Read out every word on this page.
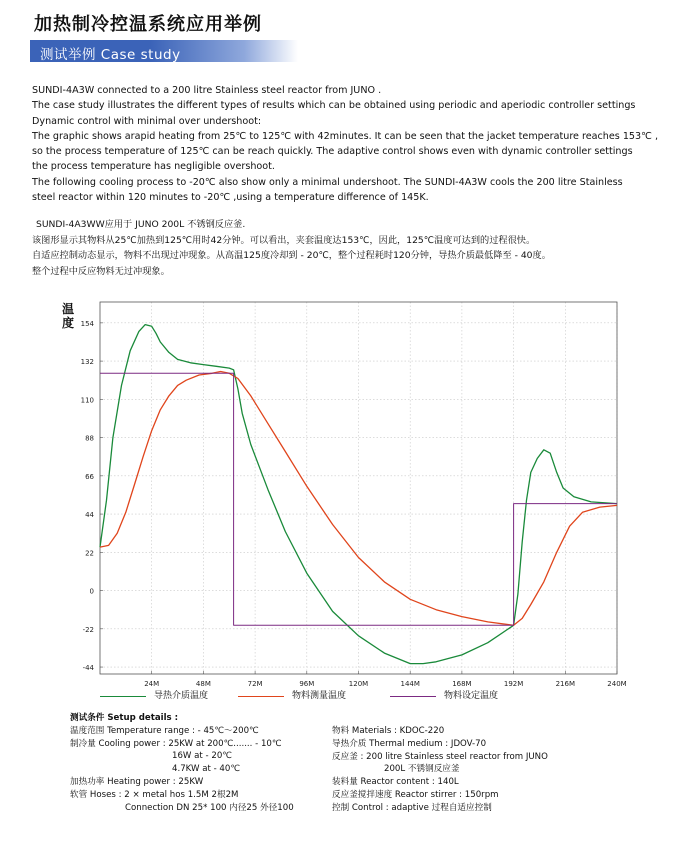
加热制冷控温系统应用举例
测试举例 Case study
SUNDI-4A3W connected to a 200 litre Stainless steel reactor from JUNO .
The case study illustrates the different types of results which can be obtained using periodic and aperiodic controller settings
Dynamic control with minimal over undershoot:
The graphic shows arapid heating from 25℃ to 125℃ with 42minutes. It can be seen that the jacket temperature reaches 153℃ ,
so the process temperature of 125℃ can be reach quickly. The adaptive control shows even with dynamic controller settings
the process temperature has negligible overshoot.
The following cooling process to -20℃ also show only a minimal undershoot. The SUNDI-4A3W cools the 200 litre Stainless
steel reactor within 120 minutes to -20℃ ,using a temperature difference of 145K.
SUNDI-4A3WW应用于 JUNO 200L 不锈钢反应釜.
该图形显示其物料从25℃加热到125℃用时42分钟。可以看出，夹套温度达153℃，因此，125℃温度可达到的过程很快。
自适应控制动态显示，物料不出现过冲现象。从高温125度冷却到 - 20℃，整个过程耗时120分钟，导热介质最低降至 - 40度。
整个过程中反应物料无过冲现象。
154
132
110
88
66
44
22
0
-22
-44
24M	48M	72M	96M	120M	144M	168M	192M	216M	240M
温
度
导热介质温度	物料测量温度	物料设定温度
测试条件 Setup details :
温度范围 Temperature range : - 45℃～200℃
制冷量 Cooling power : 25KW at 200℃....... - 10℃
16W at - 20℃
4.7KW at - 40℃
加热功率 Heating power : 25KW
软管 Hoses : 2 × metal hos 1.5M 2根2M
Connection DN 25* 100 内径25 外径100
物料 Materials : KDOC-220
导热介质 Thermal medium : JDOV-70
反应釜 : 200 litre Stainless steel reactor from JUNO
200L 不锈钢反应釜
装料量 Reactor content : 140L
反应釜搅拌速度 Reactor stirrer : 150rpm
控制 Control : adaptive 过程自适应控制
